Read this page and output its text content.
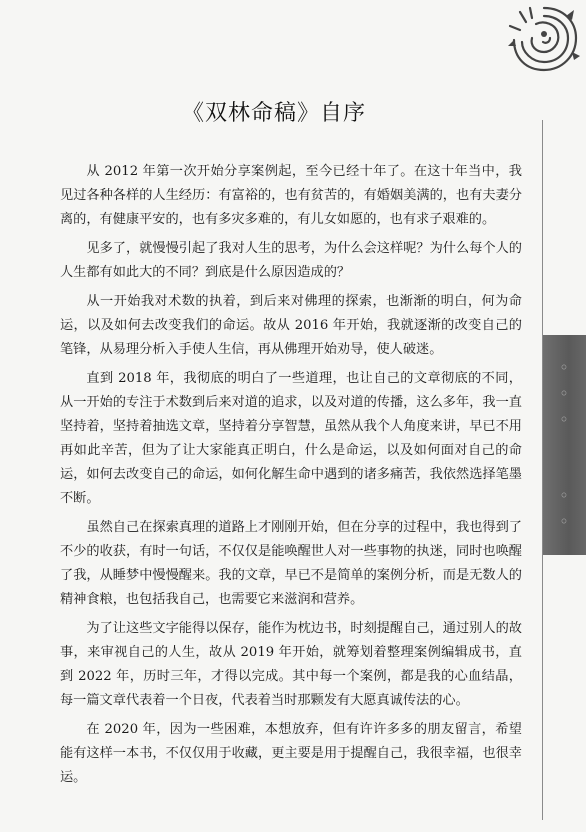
《双林命稿》自序
◦
◦
◦
◦
◦

从 2012 年第一次开始分享案例起，至今已经十年了。在这十年当中，我见过各种各样的人生经历：有富裕的，也有贫苦的，有婚姻美满的，也有夫妻分离的，有健康平安的，也有多灾多难的，有儿女如愿的，也有求子艰难的。

见多了，就慢慢引起了我对人生的思考，为什么会这样呢？为什么每个人的人生都有如此大的不同？到底是什么原因造成的？

从一开始我对术数的执着，到后来对佛理的探索，也渐渐的明白，何为命运，以及如何去改变我们的命运。故从 2016 年开始，我就逐渐的改变自己的笔锋，从易理分析入手使人生信，再从佛理开始劝导，使人破迷。

直到 2018 年，我彻底的明白了一些道理，也让自己的文章彻底的不同，从一开始的专注于术数到后来对道的追求，以及对道的传播，这么多年，我一直坚持着，坚持着抽选文章，坚持着分享智慧，虽然从我个人角度来讲，早已不用再如此辛苦，但为了让大家能真正明白，什么是命运，以及如何面对自己的命运，如何去改变自己的命运，如何化解生命中遇到的诸多痛苦，我依然选择笔墨不断。

虽然自己在探索真理的道路上才刚刚开始，但在分享的过程中，我也得到了不少的收获，有时一句话，不仅仅是能唤醒世人对一些事物的执迷，同时也唤醒了我，从睡梦中慢慢醒来。我的文章，早已不是简单的案例分析，而是无数人的精神食粮，也包括我自己，也需要它来滋润和营养。

为了让这些文字能得以保存，能作为枕边书，时刻提醒自己，通过别人的故事，来审视自己的人生，故从 2019 年开始，就筹划着整理案例编辑成书，直到 2022 年，历时三年，才得以完成。其中每一个案例，都是我的心血结晶，每一篇文章代表着一个日夜，代表着当时那颗发有大愿真诚传法的心。

在 2020 年，因为一些困难，本想放弃，但有许许多多的朋友留言，希望能有这样一本书，不仅仅用于收藏，更主要是用于提醒自己，我很幸福，也很幸运。
